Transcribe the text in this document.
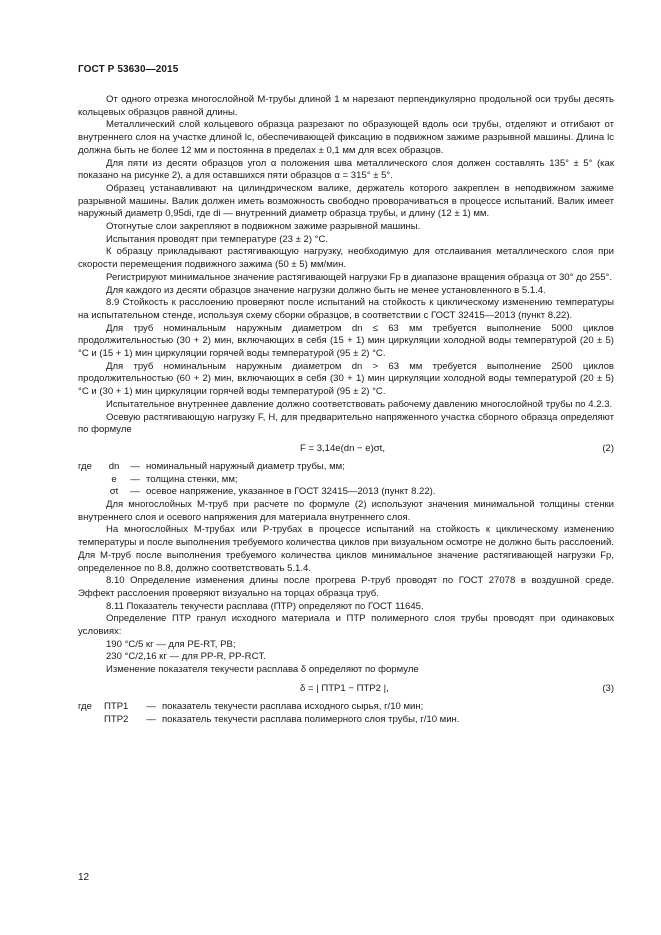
ГОСТ Р 53630—2015

От одного отрезка многослойной М-трубы длиной 1 м нарезают перпендикулярно продольной оси трубы десять кольцевых образцов равной длины.

Металлический слой кольцевого образца разрезают по образующей вдоль оси трубы, отделяют и отгибают от внутреннего слоя на участке длиной lc, обеспечивающей фиксацию в подвижном зажиме разрывной машины. Длина lc должна быть не более 12 мм и постоянна в пределах ± 0,1 мм для всех образцов.

Для пяти из десяти образцов угол α положения шва металлического слоя должен составлять 135° ± 5° (как показано на рисунке 2), а для оставшихся пяти образцов α = 315° ± 5°.

Образец устанавливают на цилиндрическом валике, держатель которого закреплен в неподвижном зажиме разрывной машины. Валик должен иметь возможность свободно проворачиваться в процессе испытаний. Валик имеет наружный диаметр 0,95di, где di — внутренний диаметр образца трубы, и длину (12 ± 1) мм.

Отогнутые слои закрепляют в подвижном зажиме разрывной машины.

Испытания проводят при температуре (23 ± 2) °С.

К образцу прикладывают растягивающую нагрузку, необходимую для отслаивания металлического слоя при скорости перемещения подвижного зажима (50 ± 5) мм/мин.

Регистрируют минимальное значение растягивающей нагрузки Fp в диапазоне вращения образца от 30° до 255°.

Для каждого из десяти образцов значение нагрузки должно быть не менее установленного в 5.1.4.

8.9 Стойкость к расслоению проверяют после испытаний на стойкость к циклическому изменению температуры на испытательном стенде, используя схему сборки образцов, в соответствии с ГОСТ 32415—2013 (пункт 8.22).

Для труб номинальным наружным диаметром dn ≤ 63 мм требуется выполнение 5000 циклов продолжительностью (30 + 2) мин, включающих в себя (15 + 1) мин циркуляции холодной воды температурой (20 ± 5) °С и (15 + 1) мин циркуляции горячей воды температурой (95 ± 2) °С.

Для труб номинальным наружным диаметром dn > 63 мм требуется выполнение 2500 циклов продолжительностью (60 + 2) мин, включающих в себя (30 + 1) мин циркуляции холодной воды температурой (20 ± 5) °С и (30 + 1) мин циркуляции горячей воды температурой (95 ± 2) °С.

Испытательное внутреннее давление должно соответствовать рабочему давлению многослойной трубы по 4.2.3.

Осевую растягивающую нагрузку F, Н, для предварительно напряженного участка сборного образца определяют по формуле

F = 3,14e(dn − e)σt,	(2)
где dn — номинальный наружный диаметр трубы, мм;
e — толщина стенки, мм;
σt — осевое напряжение, указанное в ГОСТ 32415—2013 (пункт 8.22).

Для многослойных М-труб при расчете по формуле (2) используют значения минимальной толщины стенки внутреннего слоя и осевого напряжения для материала внутреннего слоя.

На многослойных М-трубах или Р-трубах в процессе испытаний на стойкость к циклическому изменению температуры и после выполнения требуемого количества циклов при визуальном осмотре не должно быть расслоений. Для М-труб после выполнения требуемого количества циклов минимальное значение растягивающей нагрузки Fp, определенное по 8.8, должно соответствовать 5.1.4.

8.10 Определение изменения длины после прогрева Р-труб проводят по ГОСТ 27078 в воздушной среде. Эффект расслоения проверяют визуально на торцах образца труб.

8.11 Показатель текучести расплава (ПТР) определяют по ГОСТ 11645.

Определение ПТР гранул исходного материала и ПТР полимерного слоя трубы проводят при одинаковых условиях:

190 °С/5 кг — для PE-RT, РВ;

230 °С/2,16 кг — для PP-R, PP-RCT.

Изменение показателя текучести расплава δ определяют по формуле

δ = | ПТР1 − ПТР2 |,	(3)
где ПТР1 — показатель текучести расплава исходного сырья, г/10 мин;
ПТР2 — показатель текучести расплава полимерного слоя трубы, г/10 мин.
12
